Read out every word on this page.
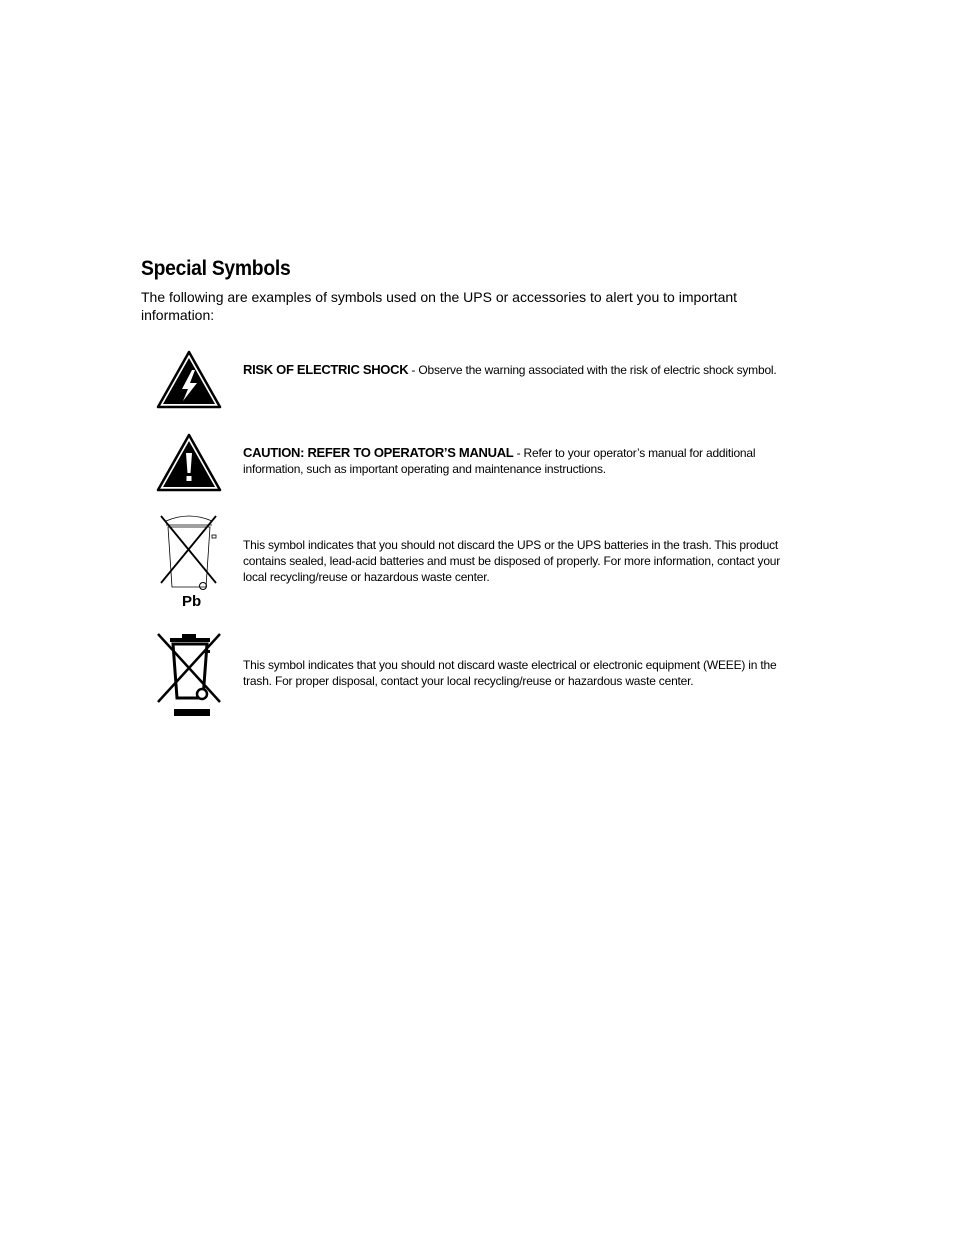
Special Symbols

The following are examples of symbols used on the UPS or accessories to alert you to important information:

RISK OF ELECTRIC SHOCK - Observe the warning associated with the risk of electric shock symbol.

CAUTION: REFER TO OPERATOR’S MANUAL - Refer to your operator’s manual for additional information, such as important operating and maintenance instructions.

Pb

This symbol indicates that you should not discard the UPS or the UPS batteries in the trash. This product contains sealed, lead-acid batteries and must be disposed of properly. For more information, contact your local recycling/reuse or hazardous waste center.

This symbol indicates that you should not discard waste electrical or electronic equipment (WEEE) in the trash. For proper disposal, contact your local recycling/reuse or hazardous waste center.
